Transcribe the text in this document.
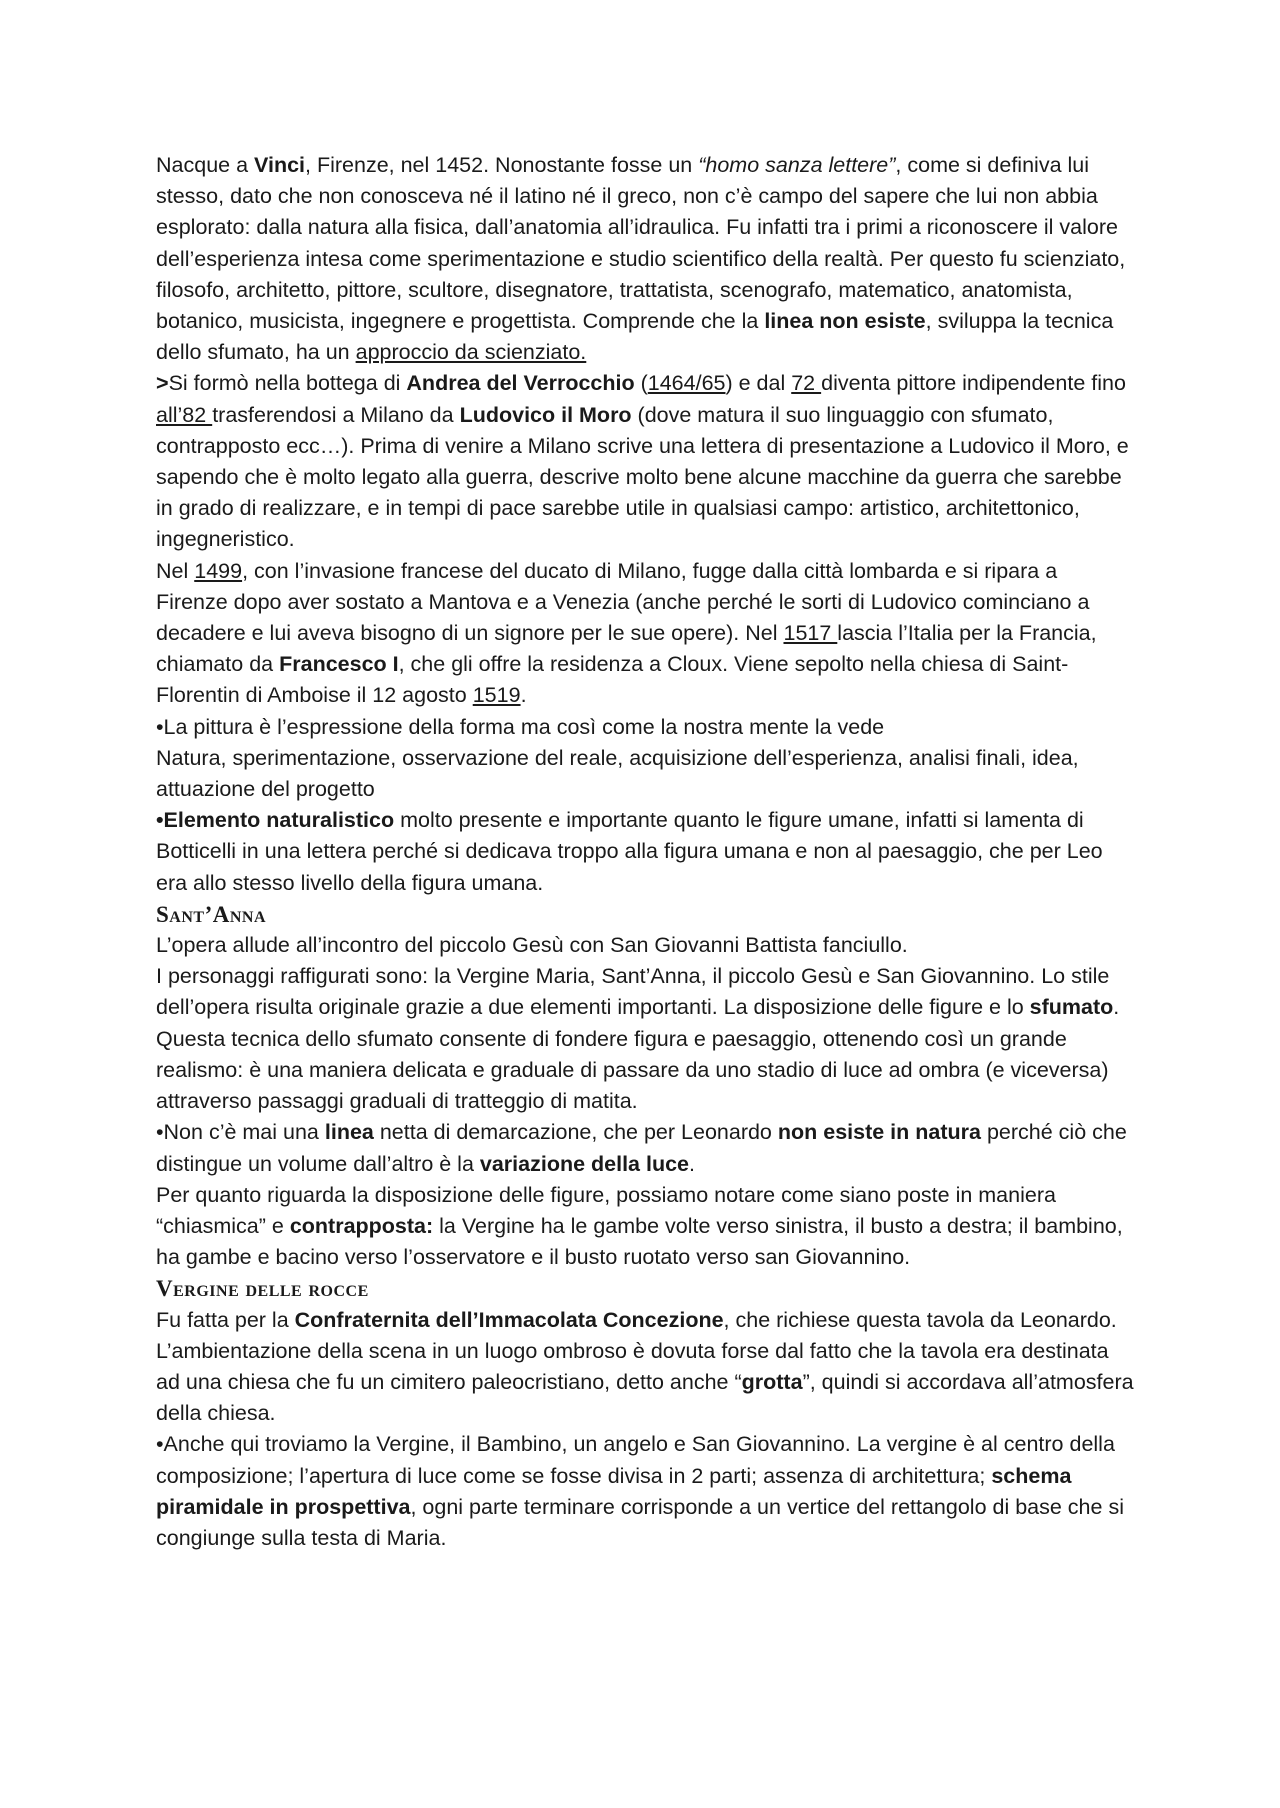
Nacque a Vinci, Firenze, nel 1452. Nonostante fosse un “homo sanza lettere”, come si definiva lui stesso, dato che non conosceva né il latino né il greco, non c’è campo del sapere che lui non abbia esplorato: dalla natura alla fisica, dall’anatomia all’idraulica. Fu infatti tra i primi a riconoscere il valore dell’esperienza intesa come sperimentazione e studio scientifico della realtà. Per questo fu scienziato, filosofo, architetto, pittore, scultore, disegnatore, trattatista, scenografo, matematico, anatomista, botanico, musicista, ingegnere e progettista. Comprende che la linea non esiste, sviluppa la tecnica dello sfumato, ha un approccio da scienziato.

>Si formò nella bottega di Andrea del Verrocchio (1464/65) e dal 72 diventa pittore indipendente fino all’82 trasferendosi a Milano da Ludovico il Moro (dove matura il suo linguaggio con sfumato, contrapposto ecc…). Prima di venire a Milano scrive una lettera di presentazione a Ludovico il Moro, e sapendo che è molto legato alla guerra, descrive molto bene alcune macchine da guerra che sarebbe in grado di realizzare, e in tempi di pace sarebbe utile in qualsiasi campo: artistico, architettonico, ingegneristico.

Nel 1499, con l’invasione francese del ducato di Milano, fugge dalla città lombarda e si ripara a Firenze dopo aver sostato a Mantova e a Venezia (anche perché le sorti di Ludovico cominciano a decadere e lui aveva bisogno di un signore per le sue opere). Nel 1517 lascia l’Italia per la Francia, chiamato da Francesco I, che gli offre la residenza a Cloux. Viene sepolto nella chiesa di Saint-Florentin di Amboise il 12 agosto 1519.

•La pittura è l’espressione della forma ma così come la nostra mente la vede

Natura, sperimentazione, osservazione del reale, acquisizione dell’esperienza, analisi finali, idea, attuazione del progetto

•Elemento naturalistico molto presente e importante quanto le figure umane, infatti si lamenta di Botticelli in una lettera perché si dedicava troppo alla figura umana e non al paesaggio, che per Leo era allo stesso livello della figura umana.

Sant’Anna

L’opera allude all’incontro del piccolo Gesù con San Giovanni Battista fanciullo.

I personaggi raffigurati sono: la Vergine Maria, Sant’Anna, il piccolo Gesù e San Giovannino. Lo stile dell’opera risulta originale grazie a due elementi importanti. La disposizione delle figure e lo sfumato. Questa tecnica dello sfumato consente di fondere figura e paesaggio, ottenendo così un grande realismo: è una maniera delicata e graduale di passare da uno stadio di luce ad ombra (e viceversa) attraverso passaggi graduali di tratteggio di matita.

•Non c’è mai una linea netta di demarcazione, che per Leonardo non esiste in natura perché ciò che distingue un volume dall’altro è la variazione della luce.

Per quanto riguarda la disposizione delle figure, possiamo notare come siano poste in maniera “chiasmica” e contrapposta: la Vergine ha le gambe volte verso sinistra, il busto a destra; il bambino, ha gambe e bacino verso l’osservatore e il busto ruotato verso san Giovannino.

Vergine delle rocce

Fu fatta per la Confraternita dell’Immacolata Concezione, che richiese questa tavola da Leonardo. L’ambientazione della scena in un luogo ombroso è dovuta forse dal fatto che la tavola era destinata ad una chiesa che fu un cimitero paleocristiano, detto anche “grotta”, quindi si accordava all’atmosfera della chiesa.

•Anche qui troviamo la Vergine, il Bambino, un angelo e San Giovannino. La vergine è al centro della composizione; l’apertura di luce come se fosse divisa in 2 parti; assenza di architettura; schema piramidale in prospettiva, ogni parte terminare corrisponde a un vertice del rettangolo di base che si congiunge sulla testa di Maria.
